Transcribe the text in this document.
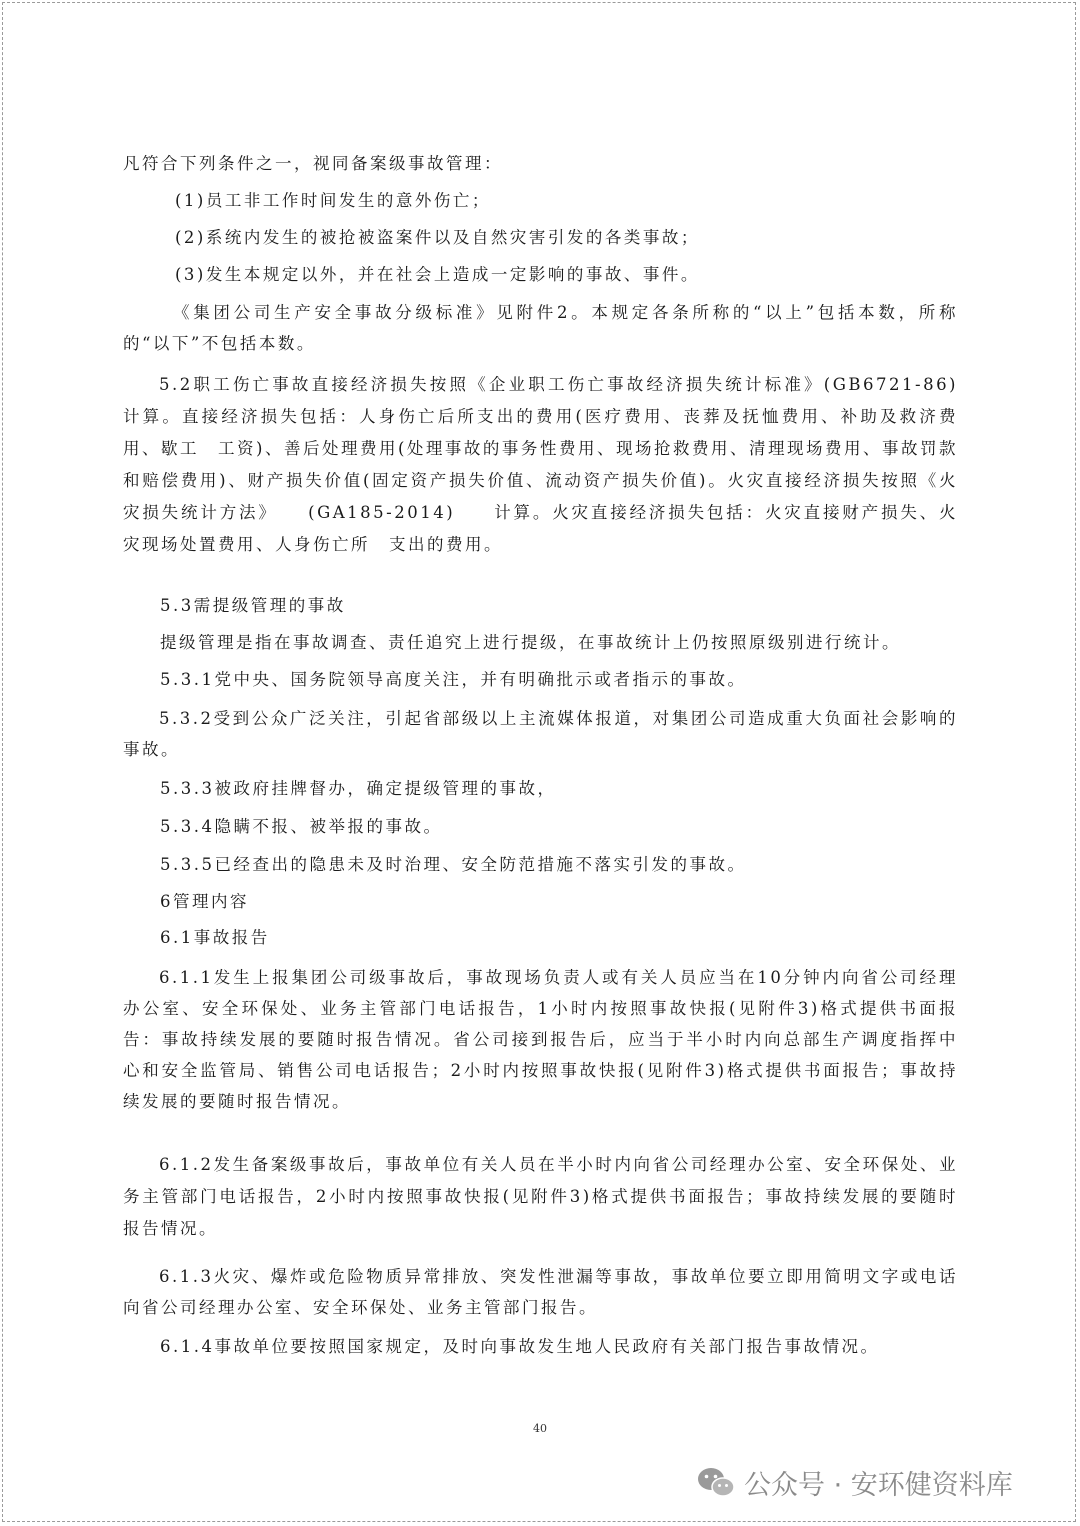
凡符合下列条件之一，视同备案级事故管理：

(1)员工非工作时间发生的意外伤亡；

(2)系统内发生的被抢被盗案件以及自然灾害引发的各类事故；

(3)发生本规定以外，并在社会上造成一定影响的事故、事件。

《集团公司生产安全事故分级标准》见附件2。本规定各条所称的“以上”包括本数，所称的“以下”不包括本数。

5.2职工伤亡事故直接经济损失按照《企业职工伤亡事故经济损失统计标准》(GB6721-86)　　计算。直接经济损失包括：人身伤亡后所支出的费用(医疗费用、丧葬及抚恤费用、补助及救济费用、歇工　工资)、善后处理费用(处理事故的事务性费用、现场抢救费用、清理现场费用、事故罚款和赔偿费用)、财产损失价值(固定资产损失价值、流动资产损失价值)。火灾直接经济损失按照《火灾损失统计方法》　　(GA185-2014)　　计算。火灾直接经济损失包括：火灾直接财产损失、火灾现场处置费用、人身伤亡所　支出的费用。

5.3需提级管理的事故

提级管理是指在事故调查、责任追究上进行提级，在事故统计上仍按照原级别进行统计。

5.3.1党中央、国务院领导高度关注，并有明确批示或者指示的事故。

5.3.2受到公众广泛关注，引起省部级以上主流媒体报道，对集团公司造成重大负面社会影响的事故。

5.3.3被政府挂牌督办，确定提级管理的事故，

5.3.4隐瞒不报、被举报的事故。

5.3.5已经查出的隐患未及时治理、安全防范措施不落实引发的事故。

6管理内容

6.1事故报告

6.1.1发生上报集团公司级事故后，事故现场负责人或有关人员应当在10分钟内向省公司经理办公室、安全环保处、业务主管部门电话报告，1小时内按照事故快报(见附件3)格式提供书面报告：事故持续发展的要随时报告情况。省公司接到报告后，应当于半小时内向总部生产调度指挥中心和安全监管局、销售公司电话报告；2小时内按照事故快报(见附件3)格式提供书面报告；事故持续发展的要随时报告情况。

6.1.2发生备案级事故后，事故单位有关人员在半小时内向省公司经理办公室、安全环保处、业务主管部门电话报告，2小时内按照事故快报(见附件3)格式提供书面报告；事故持续发展的要随时报告情况。

6.1.3火灾、爆炸或危险物质异常排放、突发性泄漏等事故，事故单位要立即用简明文字或电话向省公司经理办公室、安全环保处、业务主管部门报告。

6.1.4事故单位要按照国家规定，及时向事故发生地人民政府有关部门报告事故情况。

40
公众号 · 安环健资料库
